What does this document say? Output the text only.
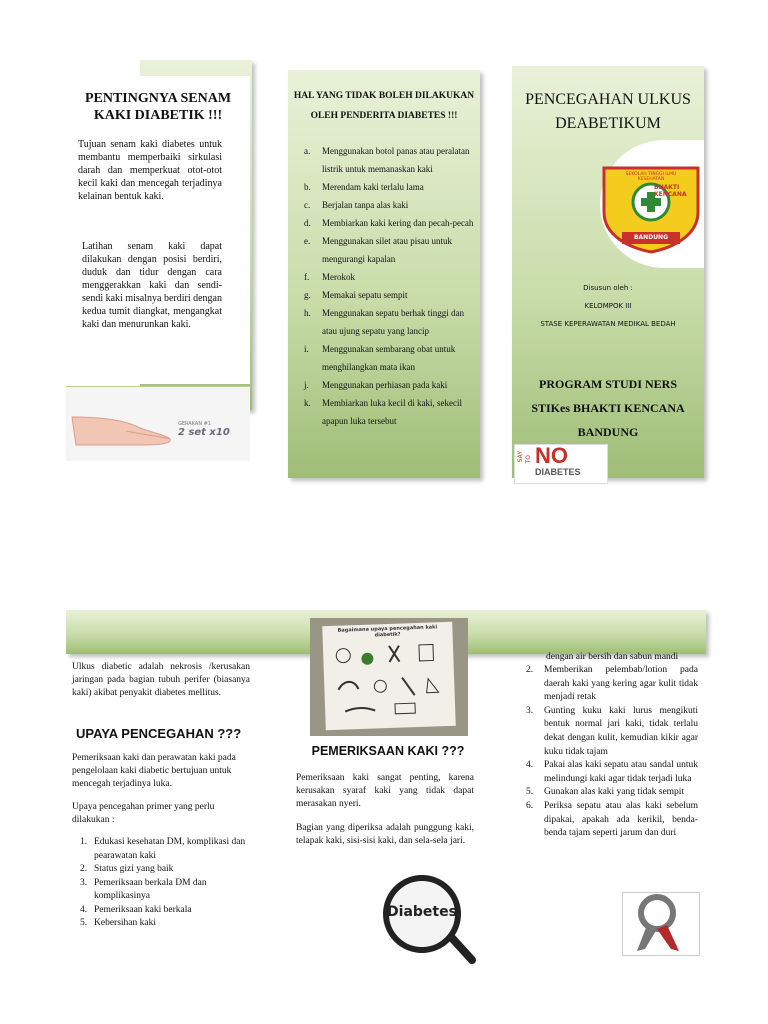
PENTINGNYA SENAM KAKI DIABETIK !!!
Tujuan senam kaki diabetes untuk membantu memperbaiki sirkulasi darah dan memperkuat otot-otot kecil kaki dan mencegah terjadinya kelainan bentuk kaki.
Latihan senam kaki dapat dilakukan dengan posisi berdiri, duduk dan tidur dengan cara menggerakkan kaki dan sendi-sendi kaki misalnya berdiri dengan kedua tumit diangkat, mengangkat kaki dan menurunkan kaki.
GERAKAN #1
2 set x10
HAL YANG TIDAK BOLEH DILAKUKAN OLEH PENDERITA DIABETES !!!
a. Menggunakan botol panas atau peralatan listrik untuk memanaskan kaki
b. Merendam kaki terlalu lama
c. Berjalan tanpa alas kaki
d. Membiarkan kaki kering dan pecah-pecah
e. Menggunakan silet atau pisau untuk mengurangi kapalan
f. Merokok
g. Memakai sepatu sempit
h. Menggunakan sepatu berhak tinggi dan atau ujung sepatu yang lancip
i. Menggunakan sembarang obat untuk menghilangkan mata ikan
j. Menggunakan perhiasan pada kaki
k. Membiarkan luka kecil di kaki, sekecil apapun luka tersebut
PENCEGAHAN ULKUS DEABETIKUM
SEKOLAH TINGGI ILMU KESEHATAN
BHAKTI KENCANA
BANDUNG
Disusun oleh :
KELOMPOK III
STASE KEPERAWATAN MEDIKAL BEDAH
PROGRAM STUDI NERS
STIKes BHAKTI KENCANA
BANDUNG
SAY TO NO
DIABETES
Ulkus diabetic adalah nekrosis /kerusakan jaringan pada bagian tubuh perifer (biasanya kaki) akibat penyakit diabetes mellitus.
UPAYA PENCEGAHAN ???
Pemeriksaan kaki dan perawatan kaki pada pengelolaan kaki diabetic bertujuan untuk mencegah terjadinya luka.
Upaya pencegahan primer yang perlu dilakukan :
1. Edukasi kesehatan DM, komplikasi dan pearawatan kaki
2. Status gizi yang baik
3. Pemeriksaan berkala DM dan komplikasinya
4. Pemeriksaan kaki berkala
5. Kebersihan kaki
Bagaimana upaya pencegahan kaki diabetik?
PEMERIKSAAN KAKI ???
Pemeriksaan kaki sangat penting, karena kerusakan syaraf kaki yang tidak dapat merasakan nyeri.
Bagian yang diperiksa adalah punggung kaki, telapak kaki, sisi-sisi kaki, dan sela-sela jari.
Diabetes
dengan air bersih dan sabun mandi
2. Memberikan pelembab/lotion pada daerah kaki yang kering agar kulit tidak menjadi retak
3. Gunting kuku kaki lurus mengikuti bentuk normal jari kaki, tidak terlalu dekat dengan kulit, kemudian kikir agar kuku tidak tajam
4. Pakai alas kaki sepatu atau sandal untuk melindungi kaki agar tidak terjadi luka
5. Gunakan alas kaki yang tidak sempit
6. Periksa sepatu atau alas kaki sebelum dipakai, apakah ada kerikil, benda-benda tajam seperti jarum dan duri
